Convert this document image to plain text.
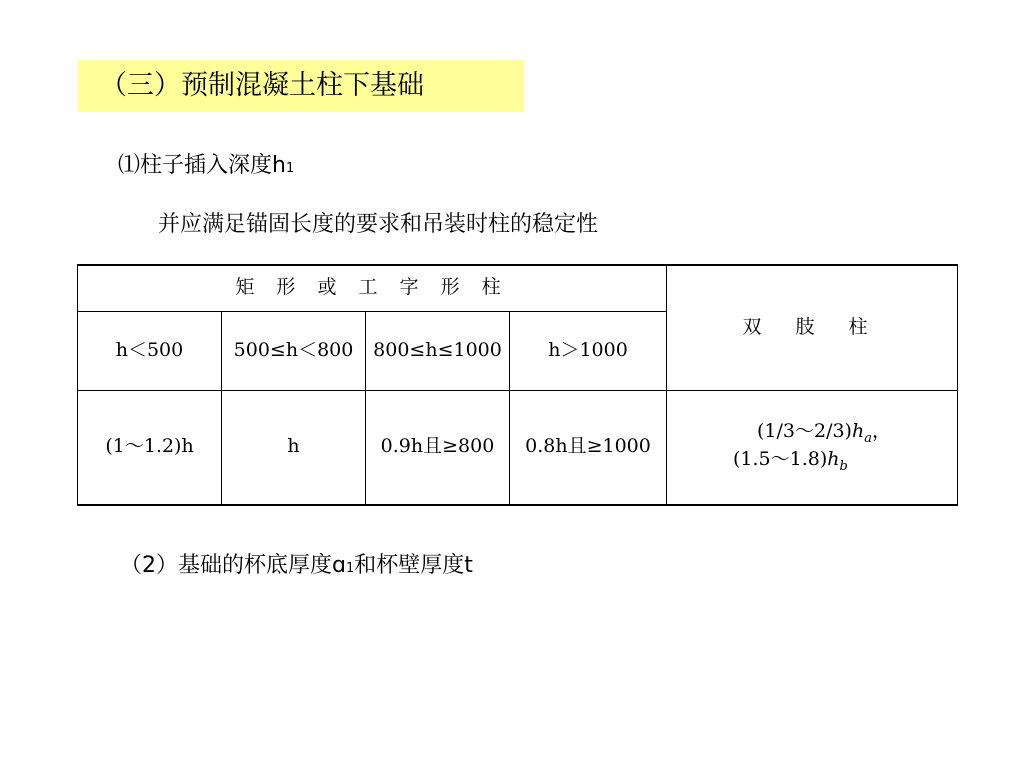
（三）预制混凝土柱下基础
⑴柱子插入深度h1
并应满足锚固长度的要求和吊装时柱的稳定性
矩 形 或 工 字 形 柱				双 肢 柱
h＜500	500≤h＜800	800≤h≤1000	h＞1000	
(1～1.2)h	h	0.9h且≥800	0.8h且≥1000	$(1/3\sim 2/3)h_a$，
$(1.5\sim 1.8)h_b$
（2）基础的杯底厚度ɑ1和杯壁厚度t
